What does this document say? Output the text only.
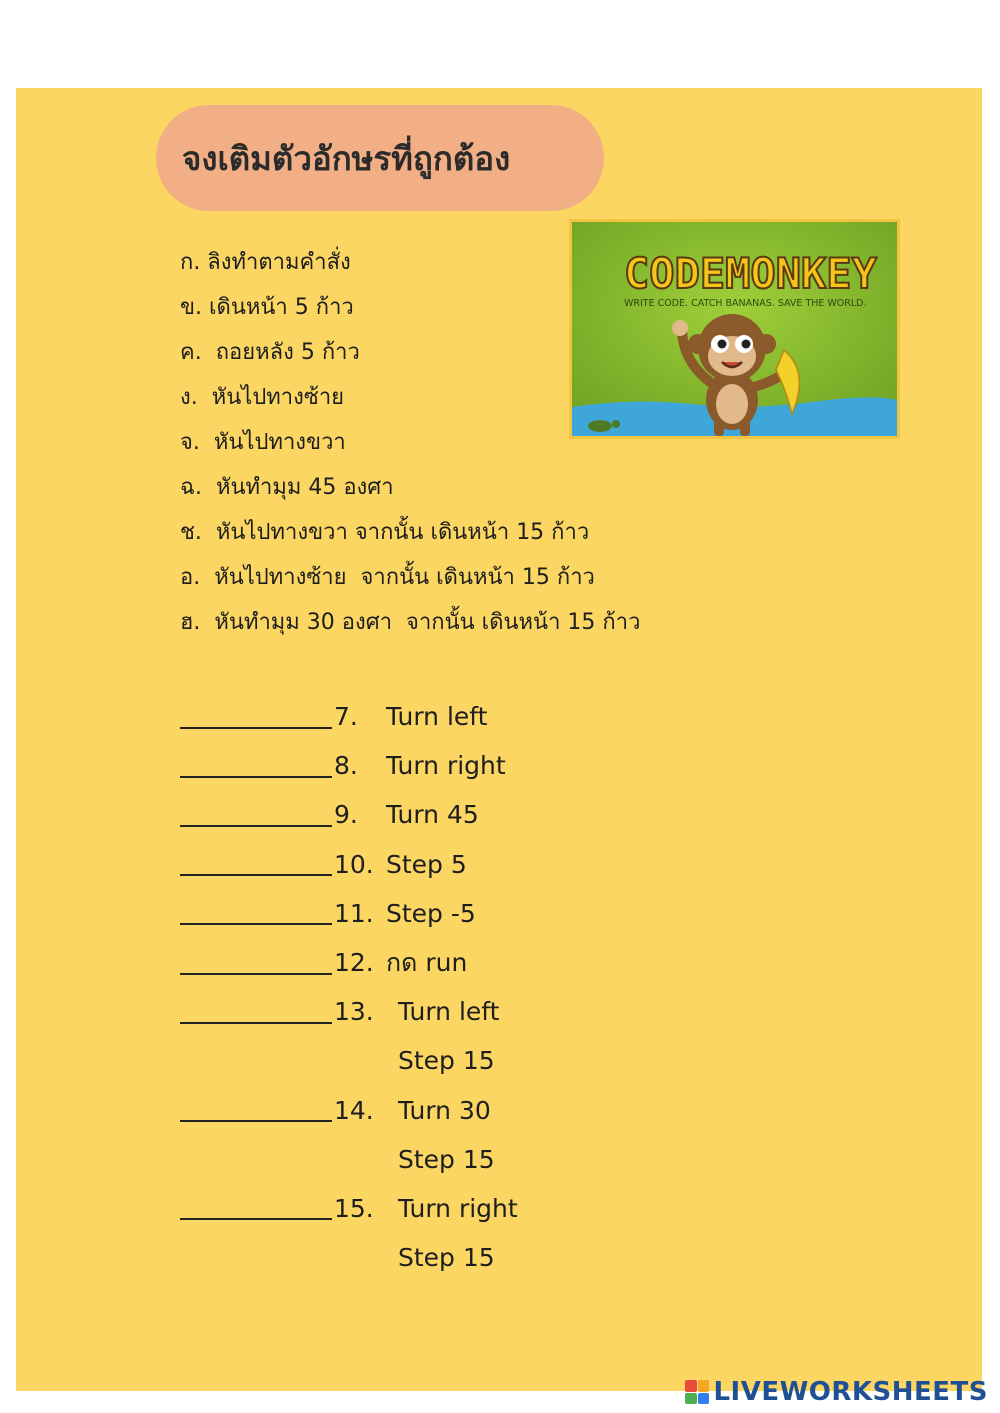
จงเติมตัวอักษรที่ถูกต้อง
ก. ลิงทำตามคำสั่ง
ข. เดินหน้า 5 ก้าว
ค.  ถอยหลัง 5 ก้าว
ง.  หันไปทางซ้าย
จ.  หันไปทางขวา
ฉ.  หันทำมุม 45 องศา
ช.  หันไปทางขวา จากนั้น เดินหน้า 15 ก้าว
อ.  หันไปทางซ้าย  จากนั้น เดินหน้า 15 ก้าว
ฮ.  หันทำมุม 30 องศา  จากนั้น เดินหน้า 15 ก้าว
CODEMONKEY
WRITE CODE. CATCH BANANAS. SAVE THE WORLD.
7.	Turn left
8.	Turn right
9.	Turn 45
10. Step 5
11. Step -5
12. กด run
13. Turn left
Step 15
14. Turn 30
Step 15
15. Turn right
Step 15
LIVEWORKSHEETS
